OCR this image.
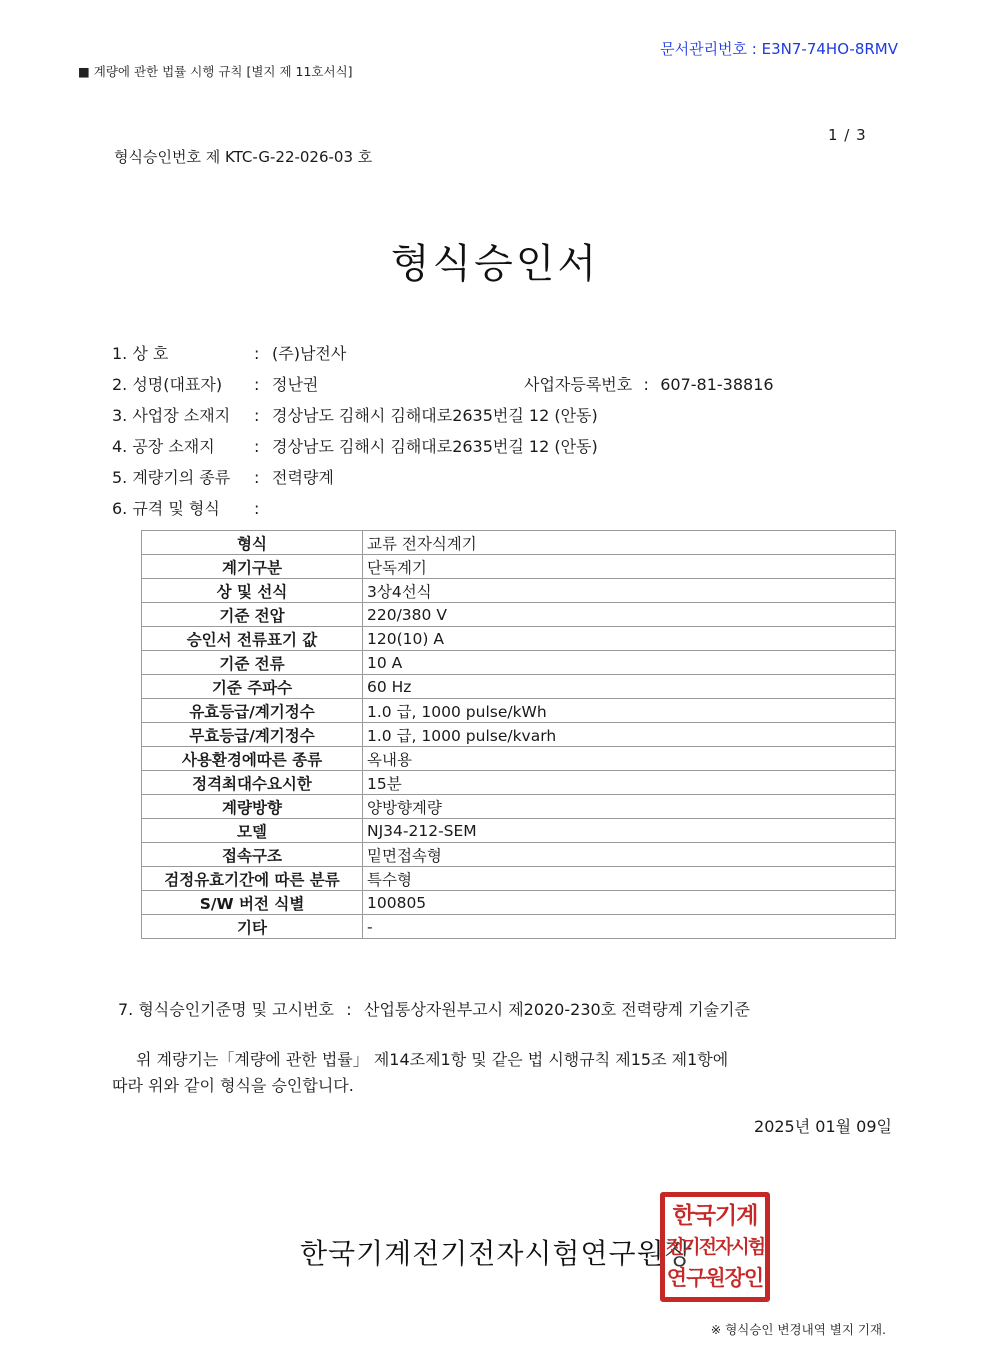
문서관리번호 : E3N7-74HO-8RMV
■ 계량에 관한 법률 시행 규칙 [별지 제 11호서식]
1 / 3
형식승인번호 제 KTC-G-22-026-03 호
형식승인서
1. 상 호	: (주)남전사
2. 성명(대표자) : 정난권	사업자등록번호 : 607-81-38816
3. 사업장 소재지 : 경상남도 김해시 김해대로2635번길 12 (안동)
4. 공장 소재지 : 경상남도 김해시 김해대로2635번길 12 (안동)
5. 계량기의 종류 : 전력량계
6. 규격 및 형식 :
형식	교류 전자식계기
계기구분	단독계기
상 및 선식	3상4선식
기준 전압	220/380 V
승인서 전류표기 값	120(10) A
기준 전류	10 A
기준 주파수	60 Hz
유효등급/계기정수	1.0 급, 1000 pulse/kWh
무효등급/계기정수	1.0 급, 1000 pulse/kvarh
사용환경에따른 종류	옥내용
정격최대수요시한	15분
계량방향	양방향계량
모델	NJ34-212-SEM
접속구조	밑면접속형
검정유효기간에 따른 분류	특수형
S/W 버전 식별	100805
기타	-
7. 형식승인기준명 및 고시번호 : 산업통상자원부고시 제2020-230호 전력량계 기술기준
위 계량기는「계량에 관한 법률」 제14조제1항 및 같은 법 시행규칙 제15조 제1항에
따라 위와 같이 형식을 승인합니다.
2025년 01월 09일
한국기계전기전자시험연구원장
한국기계
전기전자시험
연구원장인
※ 형식승인 변경내역 별지 기재.
